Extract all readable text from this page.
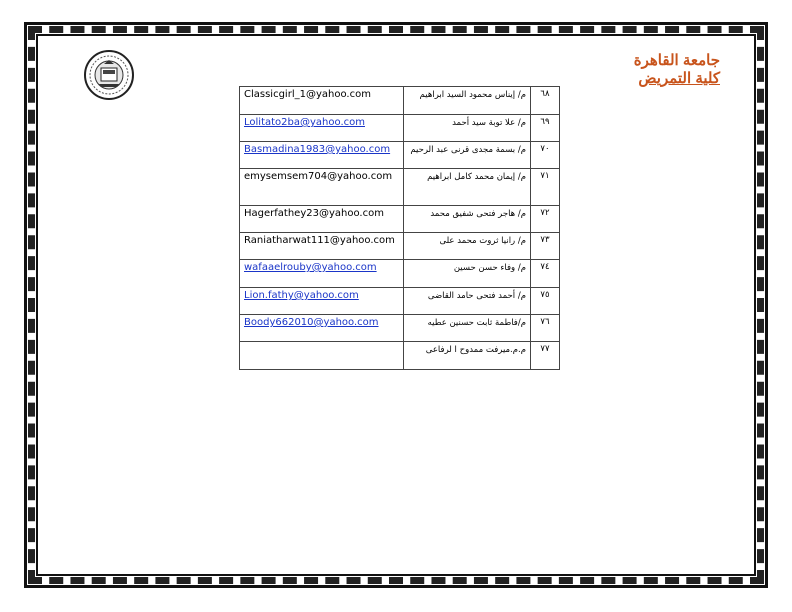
جامعة القاهرة
كلية التمريض
Classicgirl_1@yahoo.com	م/ إيناس محمود السيد ابراهيم	٦٨
Lolitato2ba@yahoo.com	م/ علا توبة سيد أحمد	٦٩
Basmadina1983@yahoo.com	م/ بسمة مجدى قرنى عبد الرحيم	٧٠
emysemsem704@yahoo.com	م/ إيمان محمد كامل ابراهيم	٧١
Hagerfathey23@yahoo.com	م/ هاجر فتحى شفيق محمد	٧٢
Raniatharwat111@yahoo.com	م/ رانيا ثروت محمد على	٧٣
wafaaelrouby@yahoo.com	م/ وفاء حسن حسين	٧٤
Lion.fathy@yahoo.com	م/ أحمد فتحى حامد القاضى	٧٥
Boody662010@yahoo.com	م/فاطمة ثابت حسنين عطيه	٧٦
	م.م.ميرفت ممدوح ا لرفاعى	٧٧
